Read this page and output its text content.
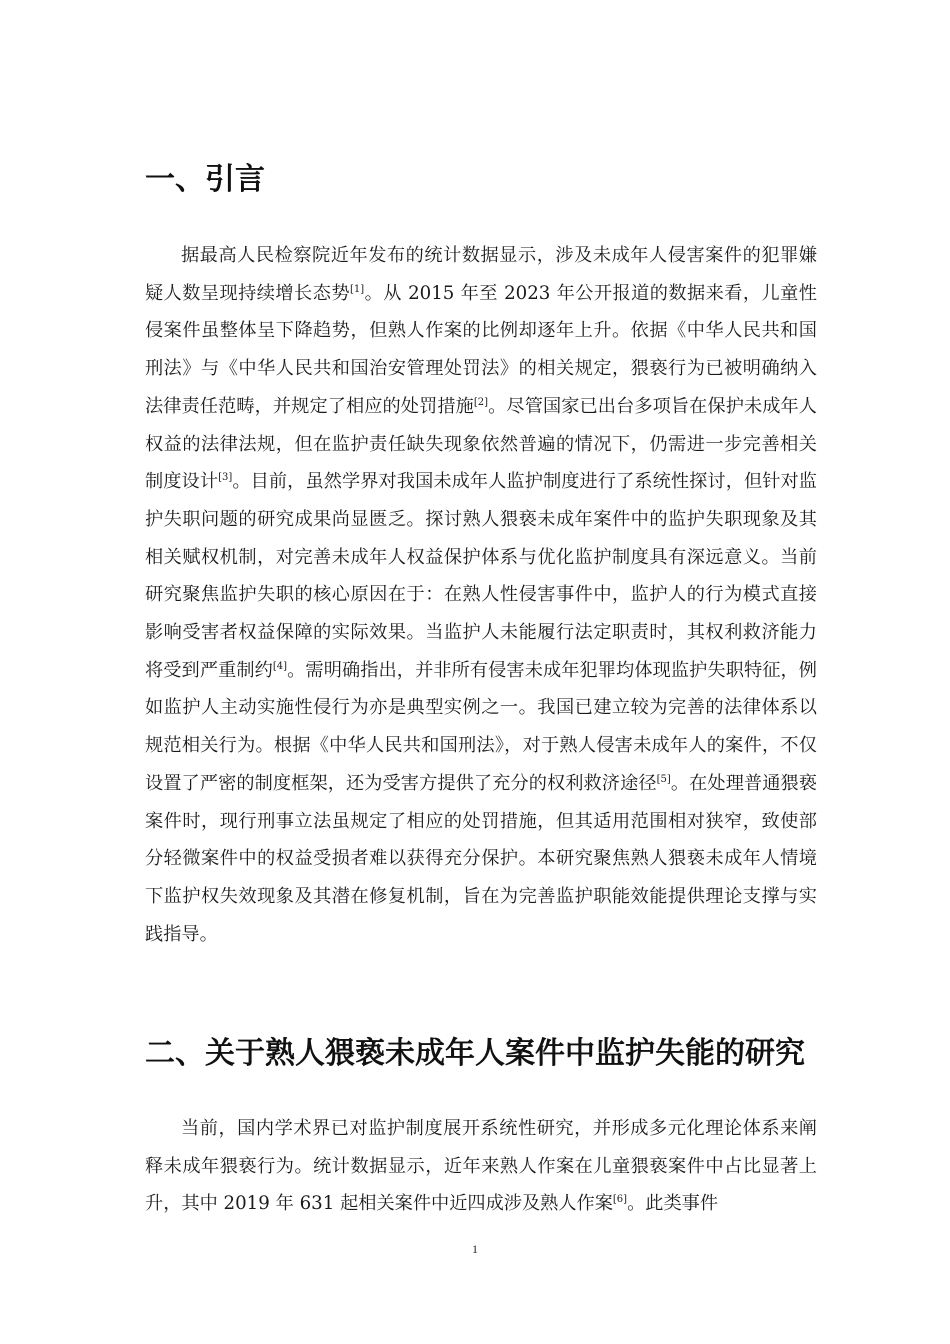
一、引言

据最高人民检察院近年发布的统计数据显示，涉及未成年人侵害案件的犯罪嫌疑人数呈现持续增长态势[1]。从 2015 年至 2023 年公开报道的数据来看，儿童性侵案件虽整体呈下降趋势，但熟人作案的比例却逐年上升。依据《中华人民共和国刑法》与《中华人民共和国治安管理处罚法》的相关规定，猥亵行为已被明确纳入法律责任范畴，并规定了相应的处罚措施[2]。尽管国家已出台多项旨在保护未成年人权益的法律法规，但在监护责任缺失现象依然普遍的情况下，仍需进一步完善相关制度设计[3]。目前，虽然学界对我国未成年人监护制度进行了系统性探讨，但针对监护失职问题的研究成果尚显匮乏。探讨熟人猥亵未成年案件中的监护失职现象及其相关赋权机制，对完善未成年人权益保护体系与优化监护制度具有深远意义。当前研究聚焦监护失职的核心原因在于：在熟人性侵害事件中，监护人的行为模式直接影响受害者权益保障的实际效果。当监护人未能履行法定职责时，其权利救济能力将受到严重制约[4]。需明确指出，并非所有侵害未成年犯罪均体现监护失职特征，例如监护人主动实施性侵行为亦是典型实例之一。我国已建立较为完善的法律体系以规范相关行为。根据《中华人民共和国刑法》，对于熟人侵害未成年人的案件，不仅设置了严密的制度框架，还为受害方提供了充分的权利救济途径[5]。在处理普通猥亵案件时，现行刑事立法虽规定了相应的处罚措施，但其适用范围相对狭窄，致使部分轻微案件中的权益受损者难以获得充分保护。本研究聚焦熟人猥亵未成年人情境下监护权失效现象及其潜在修复机制，旨在为完善监护职能效能提供理论支撑与实践指导。

二、关于熟人猥亵未成年人案件中监护失能的研究

当前，国内学术界已对监护制度展开系统性研究，并形成多元化理论体系来阐释未成年猥亵行为。统计数据显示，近年来熟人作案在儿童猥亵案件中占比显著上升，其中 2019 年 631 起相关案件中近四成涉及熟人作案[6]。此类事件

1
